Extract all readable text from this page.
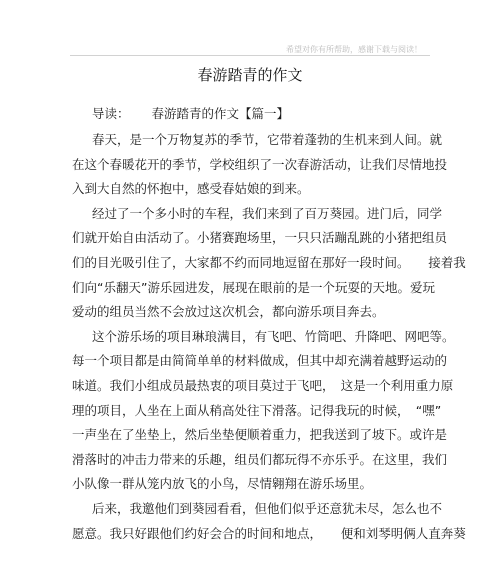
希望对你有所帮助，感谢下载与阅读！
春游踏青的作文
导读： 春游踏青的作文【篇一】
春天，是一个万物复苏的季节，它带着蓬勃的生机来到人间。就
在这个春暖花开的季节，学校组织了一次春游活动，让我们尽情地投
入到大自然的怀抱中，感受春姑娘的到来。
经过了一个多小时的车程，我们来到了百万葵园。进门后，同学
们就开始自由活动了。小猪赛跑场里，一只只活蹦乱跳的小猪把组员
们的目光吸引住了，大家都不约而同地逗留在那好一段时间。　　接着我
们向“乐翻天”游乐园进发，展现在眼前的是一个玩耍的天地。爱玩
爱动的组员当然不会放过这次机会，都向游乐项目奔去。
这个游乐场的项目琳琅满目，有飞吧、竹筒吧、升降吧、网吧等。
每一个项目都是由简简单单的材料做成，但其中却充满着越野运动的
味道。我们小组成员最热衷的项目莫过于飞吧，　这是一个利用重力原
理的项目，人坐在上面从稍高处往下滑落。记得我玩的时候，　“嘿”
一声坐在了坐垫上，然后坐垫便顺着重力，把我送到了坡下。或许是
滑落时的冲击力带来的乐趣，组员们都玩得不亦乐乎。在这里，我们
小队像一群从笼内放飞的小鸟，尽情翱翔在游乐场里。
后来，我邀他们到葵园看看，但他们似乎还意犹未尽，怎么也不
愿意。我只好跟他们约好会合的时间和地点，　　便和刘琴明俩人直奔葵
